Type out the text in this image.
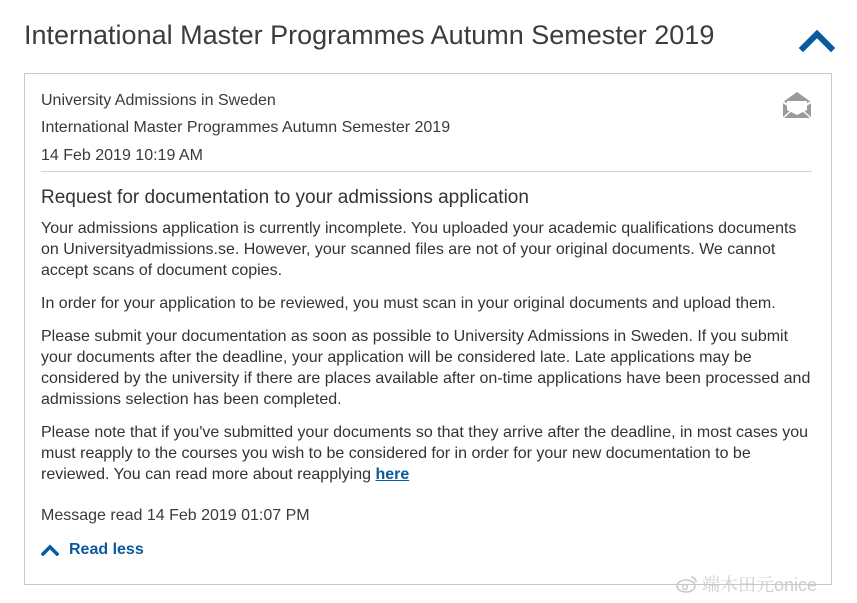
International Master Programmes Autumn Semester 2019
University Admissions in Sweden
International Master Programmes Autumn Semester 2019
14 Feb 2019 10:19 AM
Request for documentation to your admissions application

Your admissions application is currently incomplete. You uploaded your academic qualifications documents on Universityadmissions.se. However, your scanned files are not of your original documents. We cannot accept scans of document copies.

In order for your application to be reviewed, you must scan in your original documents and upload them.

Please submit your documentation as soon as possible to University Admissions in Sweden. If you submit your documents after the deadline, your application will be considered late. Late applications may be considered by the university if there are places available after on-time applications have been processed and admissions selection has been completed.

Please note that if you've submitted your documents so that they arrive after the deadline, in most cases you must reapply to the courses you wish to be considered for in order for your new documentation to be reviewed. You can read more about reapplying here

Message read 14 Feb 2019 01:07 PM
Read less
端木田元onice
